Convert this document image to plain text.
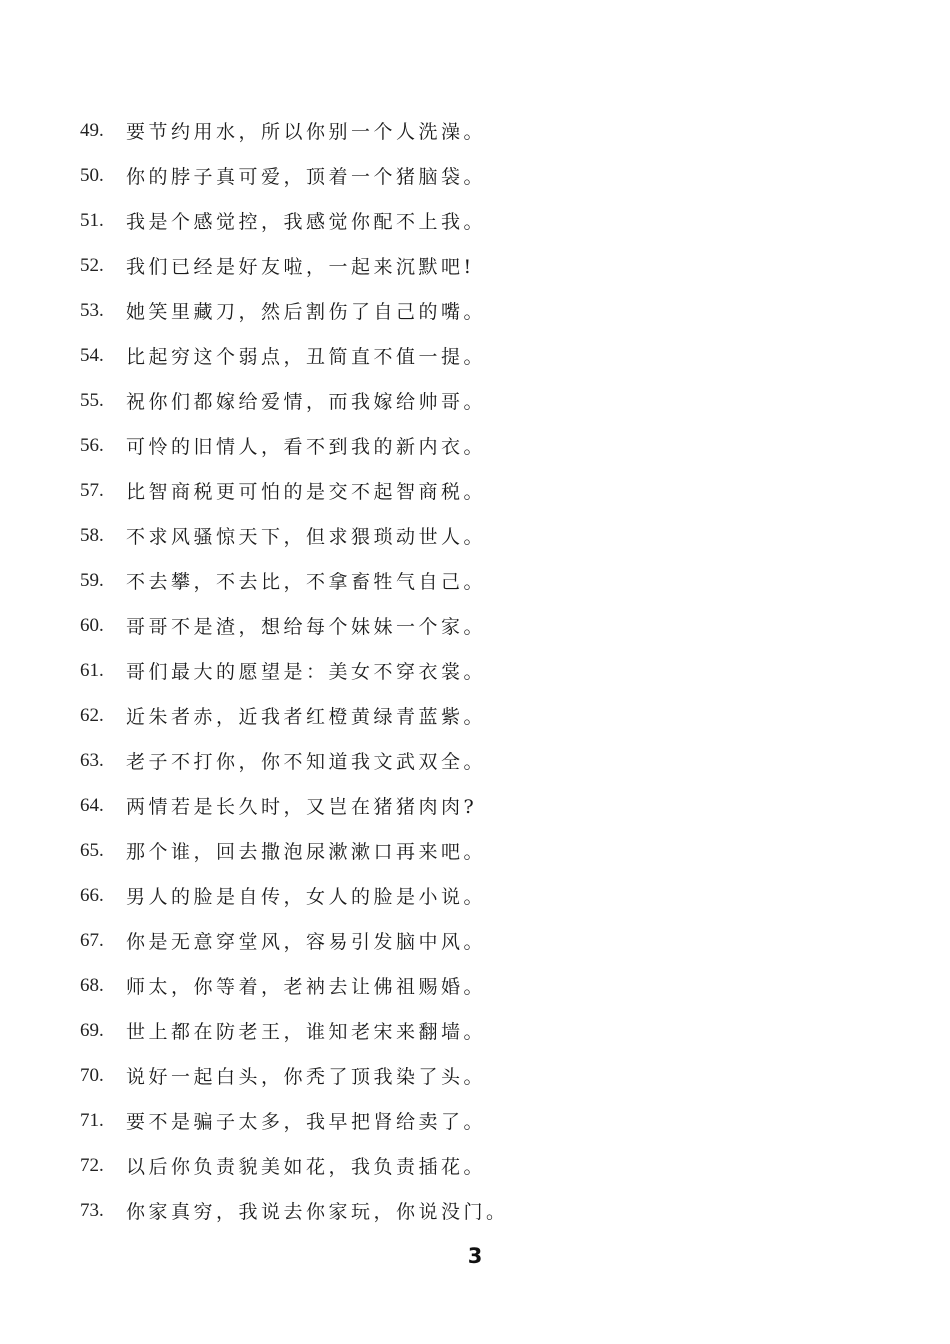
49.	要节约用水，所以你别一个人洗澡。
50.	你的脖子真可爱，顶着一个猪脑袋。
51.	我是个感觉控，我感觉你配不上我。
52.	我们已经是好友啦，一起来沉默吧!
53.	她笑里藏刀，然后割伤了自己的嘴。
54.	比起穷这个弱点，丑简直不值一提。
55.	祝你们都嫁给爱情，而我嫁给帅哥。
56.	可怜的旧情人，看不到我的新内衣。
57.	比智商税更可怕的是交不起智商税。
58.	不求风骚惊天下，但求猥琐动世人。
59.	不去攀，不去比，不拿畜牲气自己。
60.	哥哥不是渣，想给每个妹妹一个家。
61.	哥们最大的愿望是：美女不穿衣裳。
62.	近朱者赤，近我者红橙黄绿青蓝紫。
63.	老子不打你，你不知道我文武双全。
64.	两情若是长久时，又岂在猪猪肉肉?
65.	那个谁，回去撒泡尿漱漱口再来吧。
66.	男人的脸是自传，女人的脸是小说。
67.	你是无意穿堂风，容易引发脑中风。
68.	师太，你等着，老衲去让佛祖赐婚。
69.	世上都在防老王，谁知老宋来翻墙。
70.	说好一起白头，你秃了顶我染了头。
71.	要不是骗子太多，我早把肾给卖了。
72.	以后你负责貌美如花，我负责插花。
73.	你家真穷，我说去你家玩，你说没门。
3
